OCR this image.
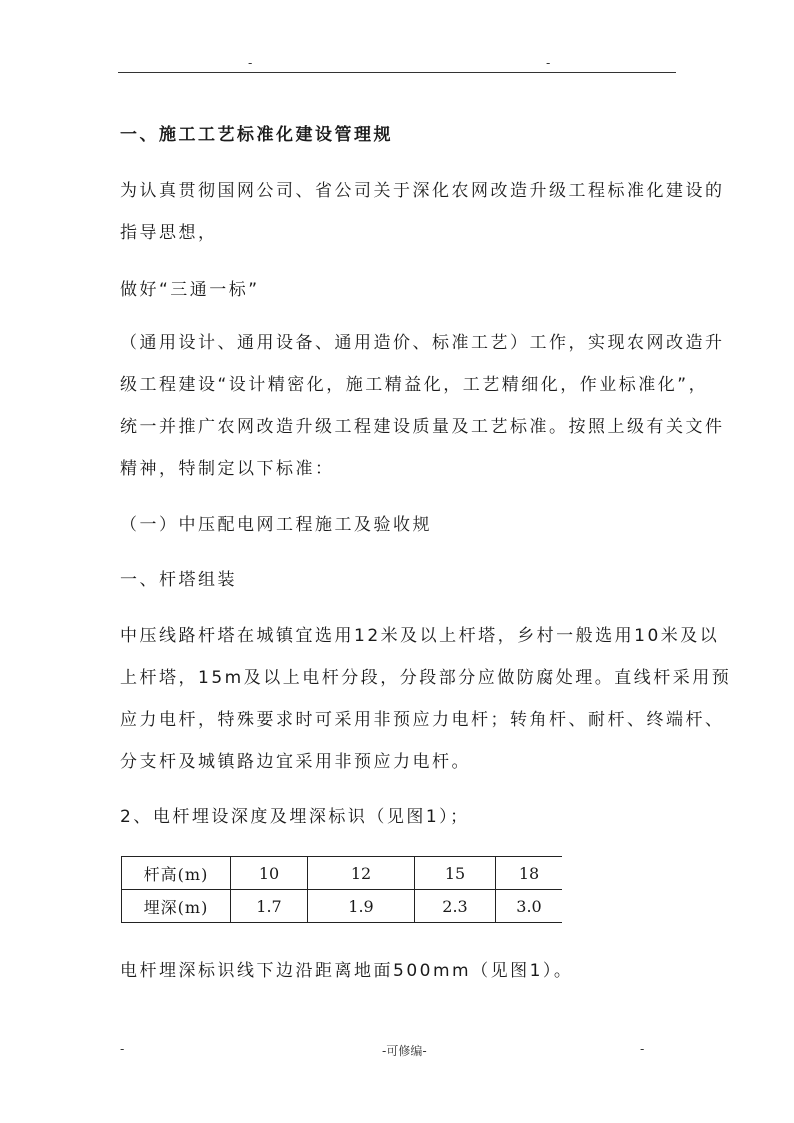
-	-
一、施工工艺标准化建设管理规
为认真贯彻国网公司、省公司关于深化农网改造升级工程标准化建设的
指导思想，
做好“三通一标”
（通用设计、通用设备、通用造价、标准工艺）工作，实现农网改造升
级工程建设“设计精密化，施工精益化，工艺精细化，作业标准化”，
统一并推广农网改造升级工程建设质量及工艺标准。按照上级有关文件
精神，特制定以下标准：
（一）中压配电网工程施工及验收规
一、杆塔组装
中压线路杆塔在城镇宜选用12米及以上杆塔，乡村一般选用10米及以
上杆塔，15m及以上电杆分段，分段部分应做防腐处理。直线杆采用预
应力电杆，特殊要求时可采用非预应力电杆；转角杆、耐杆、终端杆、
分支杆及城镇路边宜采用非预应力电杆。
2、电杆埋设深度及埋深标识（见图1）；
杆高(m)	10	12	15	18
埋深(m)	1.7	1.9	2.3	3.0
电杆埋深标识线下边沿距离地面500mm（见图1）。
-	-可修编-	-
